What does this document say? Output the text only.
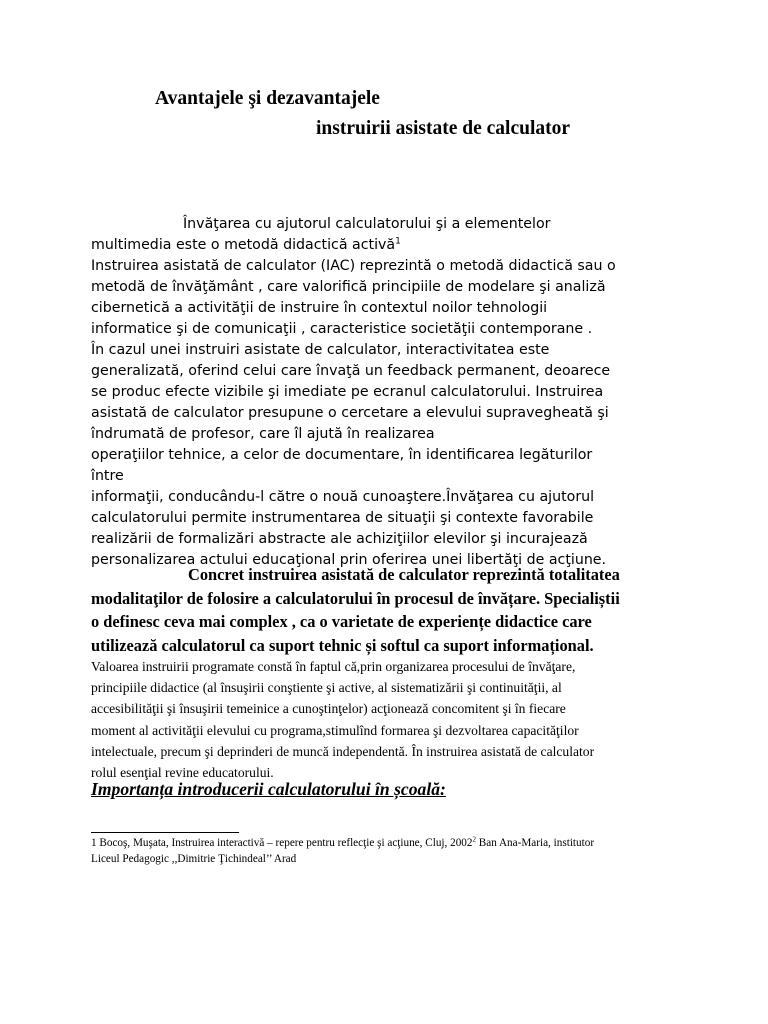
Avantajele şi dezavantajele
instruirii asistate de calculator
Învăţarea cu ajutorul calculatorului şi a elementelor
multimedia este o metodă didactică activă$^1$
Instruirea asistată de calculator (IAC) reprezintă o metodă didactică sau o
metodă de învăţământ , care valorifică principiile de modelare şi analiză
cibernetică a activităţii de instruire în contextul noilor tehnologii
informatice şi de comunicaţii , caracteristice societăţii contemporane .
În cazul unei instruiri asistate de calculator, interactivitatea este
generalizată, oferind celui care învaţă un feedback permanent, deoarece
se produc efecte vizibile şi imediate pe ecranul calculatorului. Instruirea
asistată de calculator presupune o cercetare a elevului supravegheată şi
îndrumată de profesor, care îl ajută în realizarea
operaţiilor tehnice, a celor de documentare, în identificarea legăturilor
între
informaţii, conducându-l către o nouă cunoaştere.Învăţarea cu ajutorul
calculatorului permite instrumentarea de situaţii şi contexte favorabile
realizării de formalizări abstracte ale achiziţiilor elevilor şi incurajează
personalizarea actului educaţional prin oferirea unei libertăţi de acţiune.
Concret instruirea asistată de calculator reprezintă totalitatea
modalitaţilor de folosire a calculatorului în procesul de învățare. Specialiștii
o definesc ceva mai complex , ca o varietate de experiențe didactice care
utilizează calculatorul ca suport tehnic și softul ca suport informațional.
Valoarea instruirii programate constă în faptul că,prin organizarea procesului de învăţare,
principiile didactice (al însuşirii conştiente şi active, al sistematizării şi continuităţii, al
accesibilităţii şi însuşirii temeinice a cunoştinţelor) acţionează concomitent şi în fiecare
moment al activităţii elevului cu programa,stimulînd formarea şi dezvoltarea capacităţilor
intelectuale, precum şi deprinderi de muncă independentă. În instruirea asistată de calculator
rolul esenţial revine educatorului.
Importanța introducerii calculatorului în școală:
1 Bocoş, Muşata, Instruirea interactivă – repere pentru reflecţie şi acţiune, Cluj, 2002$^2$ Ban Ana-Maria, institutor
Liceul Pedagogic ,,Dimitrie Ţichindeal’’ Arad
